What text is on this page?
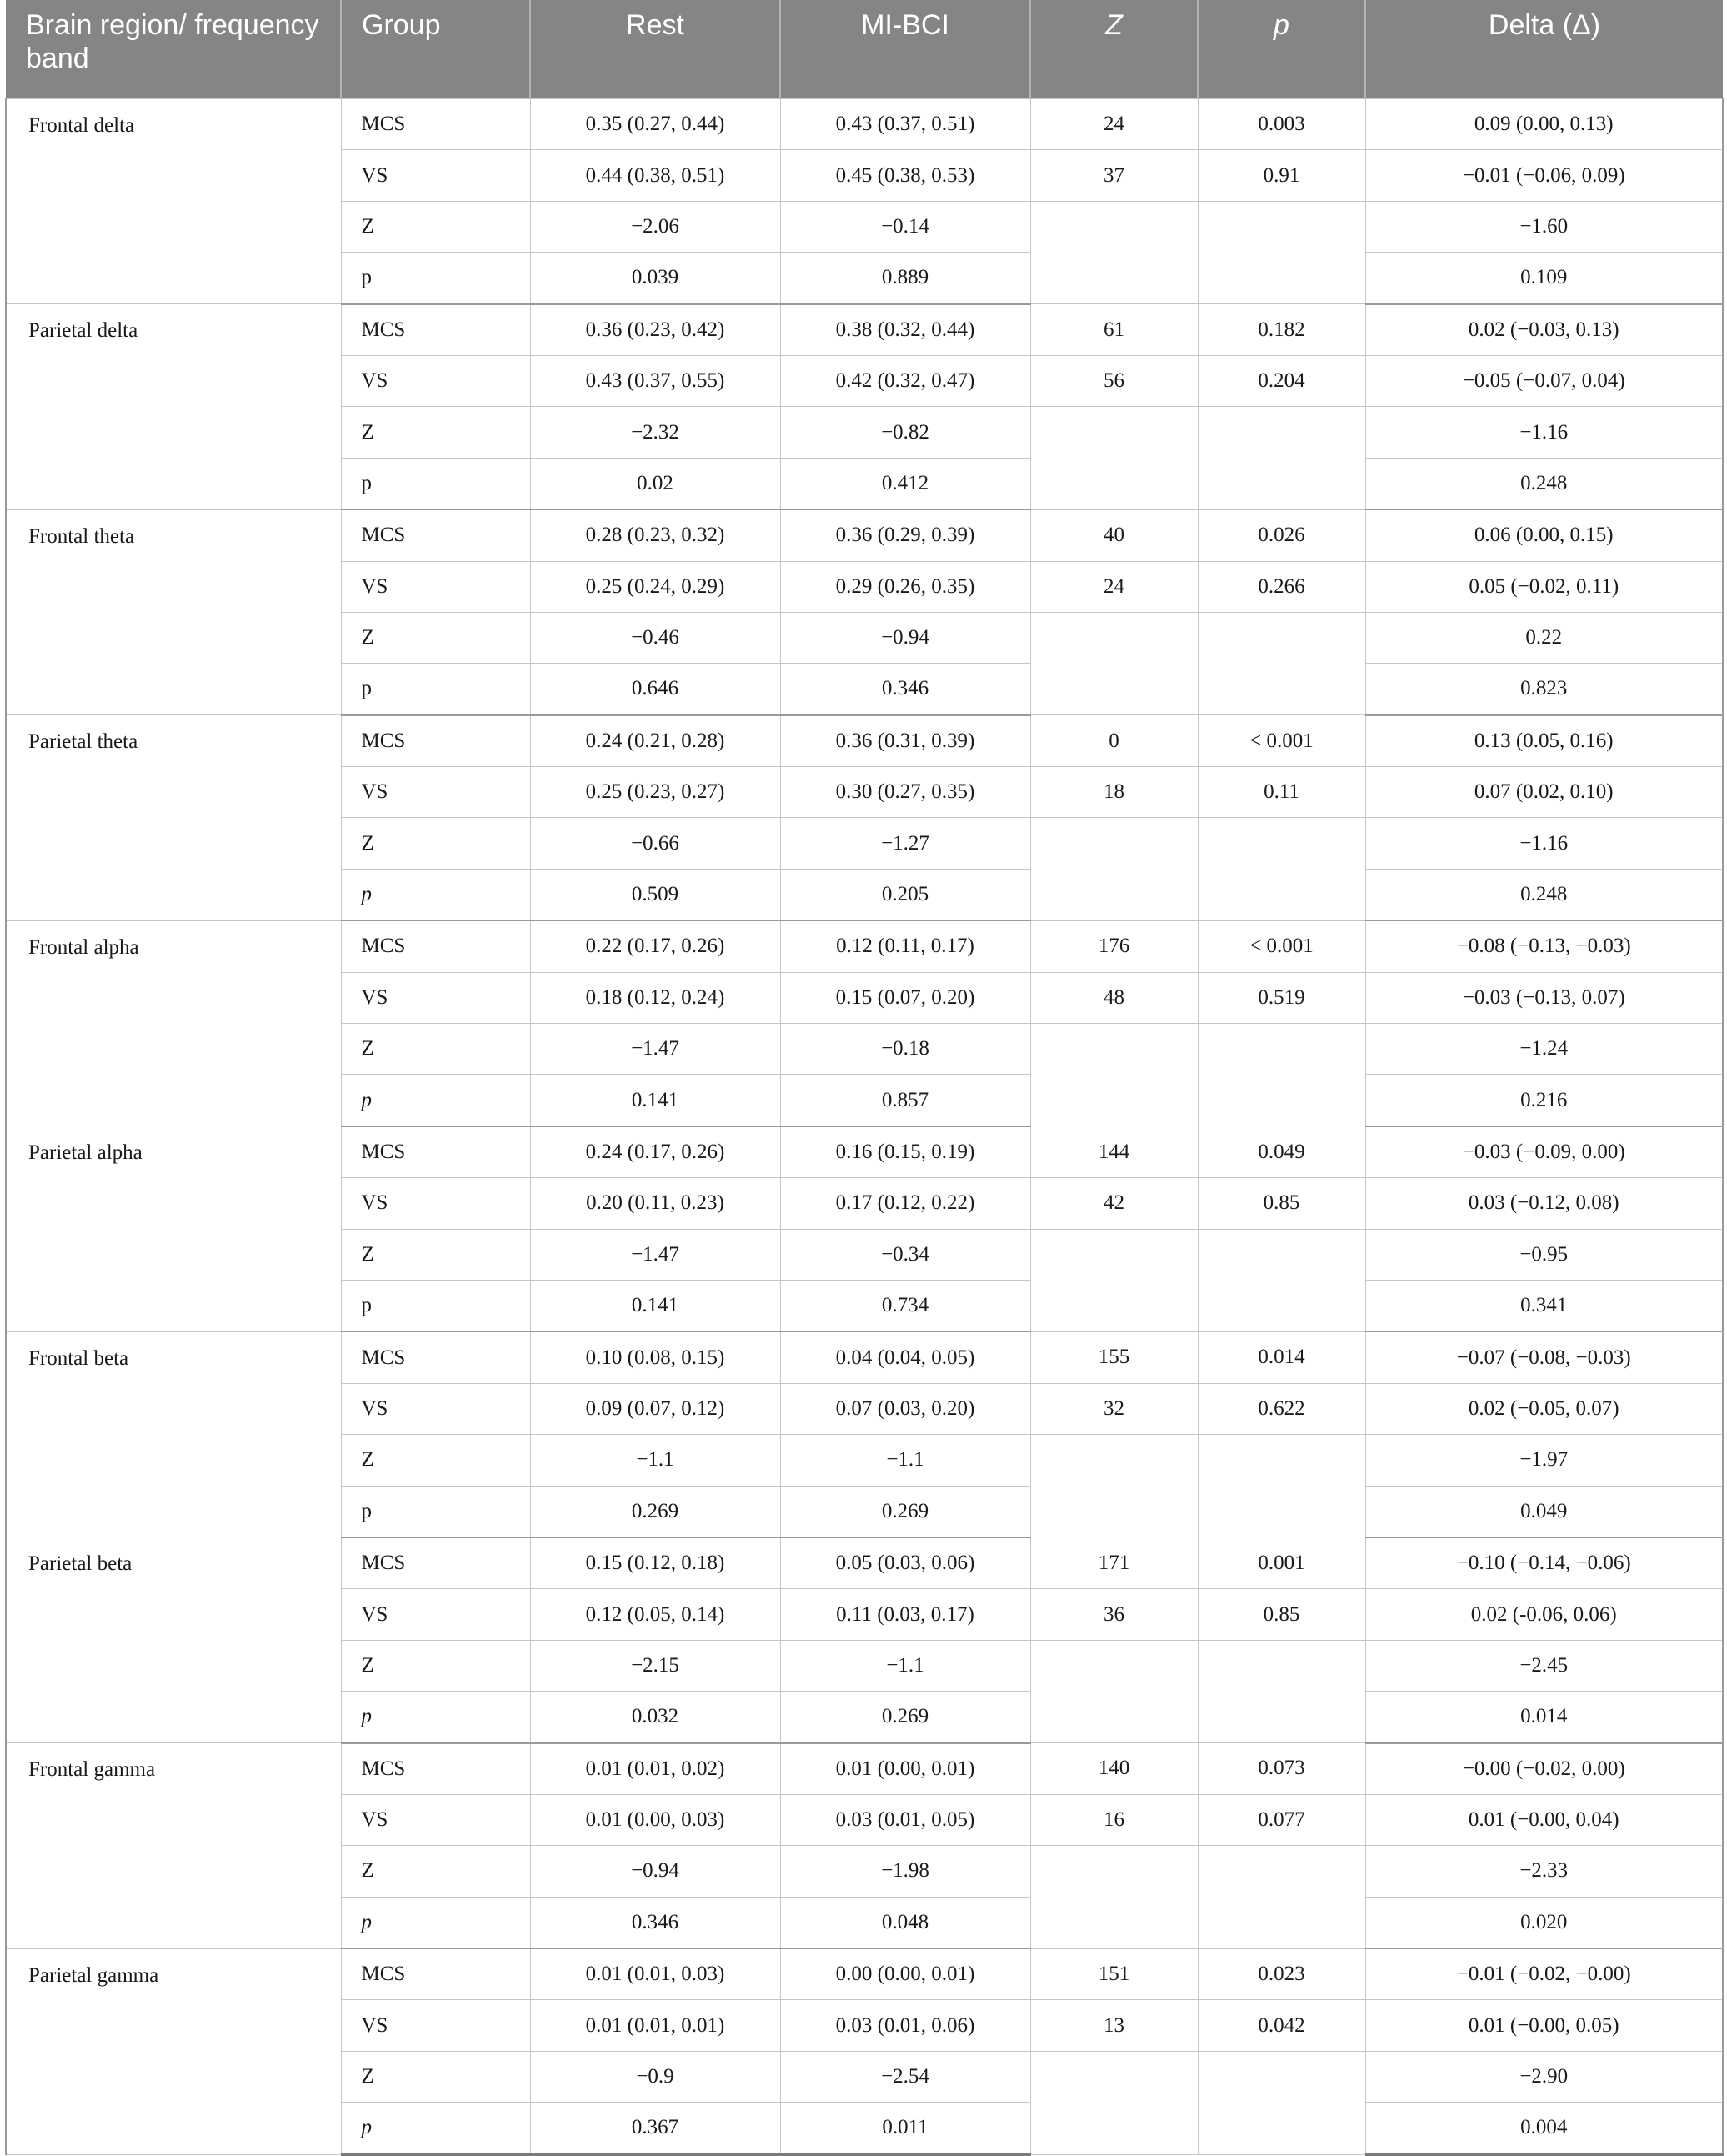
Brain region/ frequency band	Group	Rest	MI-BCI	Z	p	Delta (Δ)
Frontal delta	MCS	0.35 (0.27, 0.44)	0.43 (0.37, 0.51)	24	0.003	0.09 (0.00, 0.13)
	VS	0.44 (0.38, 0.51)	0.45 (0.38, 0.53)	37	0.91	−0.01 (−0.06, 0.09)
	Z	−2.06	−0.14			−1.60
	p	0.039	0.889			0.109
Parietal delta	MCS	0.36 (0.23, 0.42)	0.38 (0.32, 0.44)	61	0.182	0.02 (−0.03, 0.13)
	VS	0.43 (0.37, 0.55)	0.42 (0.32, 0.47)	56	0.204	−0.05 (−0.07, 0.04)
	Z	−2.32	−0.82			−1.16
	p	0.02	0.412			0.248
Frontal theta	MCS	0.28 (0.23, 0.32)	0.36 (0.29, 0.39)	40	0.026	0.06 (0.00, 0.15)
	VS	0.25 (0.24, 0.29)	0.29 (0.26, 0.35)	24	0.266	0.05 (−0.02, 0.11)
	Z	−0.46	−0.94			0.22
	p	0.646	0.346			0.823
Parietal theta	MCS	0.24 (0.21, 0.28)	0.36 (0.31, 0.39)	0	< 0.001	0.13 (0.05, 0.16)
	VS	0.25 (0.23, 0.27)	0.30 (0.27, 0.35)	18	0.11	0.07 (0.02, 0.10)
	Z	−0.66	−1.27			−1.16
	p	0.509	0.205			0.248
Frontal alpha	MCS	0.22 (0.17, 0.26)	0.12 (0.11, 0.17)	176	< 0.001	−0.08 (−0.13, −0.03)
	VS	0.18 (0.12, 0.24)	0.15 (0.07, 0.20)	48	0.519	−0.03 (−0.13, 0.07)
	Z	−1.47	−0.18			−1.24
	p	0.141	0.857			0.216
Parietal alpha	MCS	0.24 (0.17, 0.26)	0.16 (0.15, 0.19)	144	0.049	−0.03 (−0.09, 0.00)
	VS	0.20 (0.11, 0.23)	0.17 (0.12, 0.22)	42	0.85	0.03 (−0.12, 0.08)
	Z	−1.47	−0.34			−0.95
	p	0.141	0.734			0.341
Frontal beta	MCS	0.10 (0.08, 0.15)	0.04 (0.04, 0.05)	155	0.014	−0.07 (−0.08, −0.03)
	VS	0.09 (0.07, 0.12)	0.07 (0.03, 0.20)	32	0.622	0.02 (−0.05, 0.07)
	Z	−1.1	−1.1			−1.97
	p	0.269	0.269			0.049
Parietal beta	MCS	0.15 (0.12, 0.18)	0.05 (0.03, 0.06)	171	0.001	−0.10 (−0.14, −0.06)
	VS	0.12 (0.05, 0.14)	0.11 (0.03, 0.17)	36	0.85	0.02 (-0.06, 0.06)
	Z	−2.15	−1.1			−2.45
	p	0.032	0.269			0.014
Frontal gamma	MCS	0.01 (0.01, 0.02)	0.01 (0.00, 0.01)	140	0.073	−0.00 (−0.02, 0.00)
	VS	0.01 (0.00, 0.03)	0.03 (0.01, 0.05)	16	0.077	0.01 (−0.00, 0.04)
	Z	−0.94	−1.98			−2.33
	p	0.346	0.048			0.020
Parietal gamma	MCS	0.01 (0.01, 0.03)	0.00 (0.00, 0.01)	151	0.023	−0.01 (−0.02, −0.00)
	VS	0.01 (0.01, 0.01)	0.03 (0.01, 0.06)	13	0.042	0.01 (−0.00, 0.05)
	Z	−0.9	−2.54			−2.90
	p	0.367	0.011			0.004
